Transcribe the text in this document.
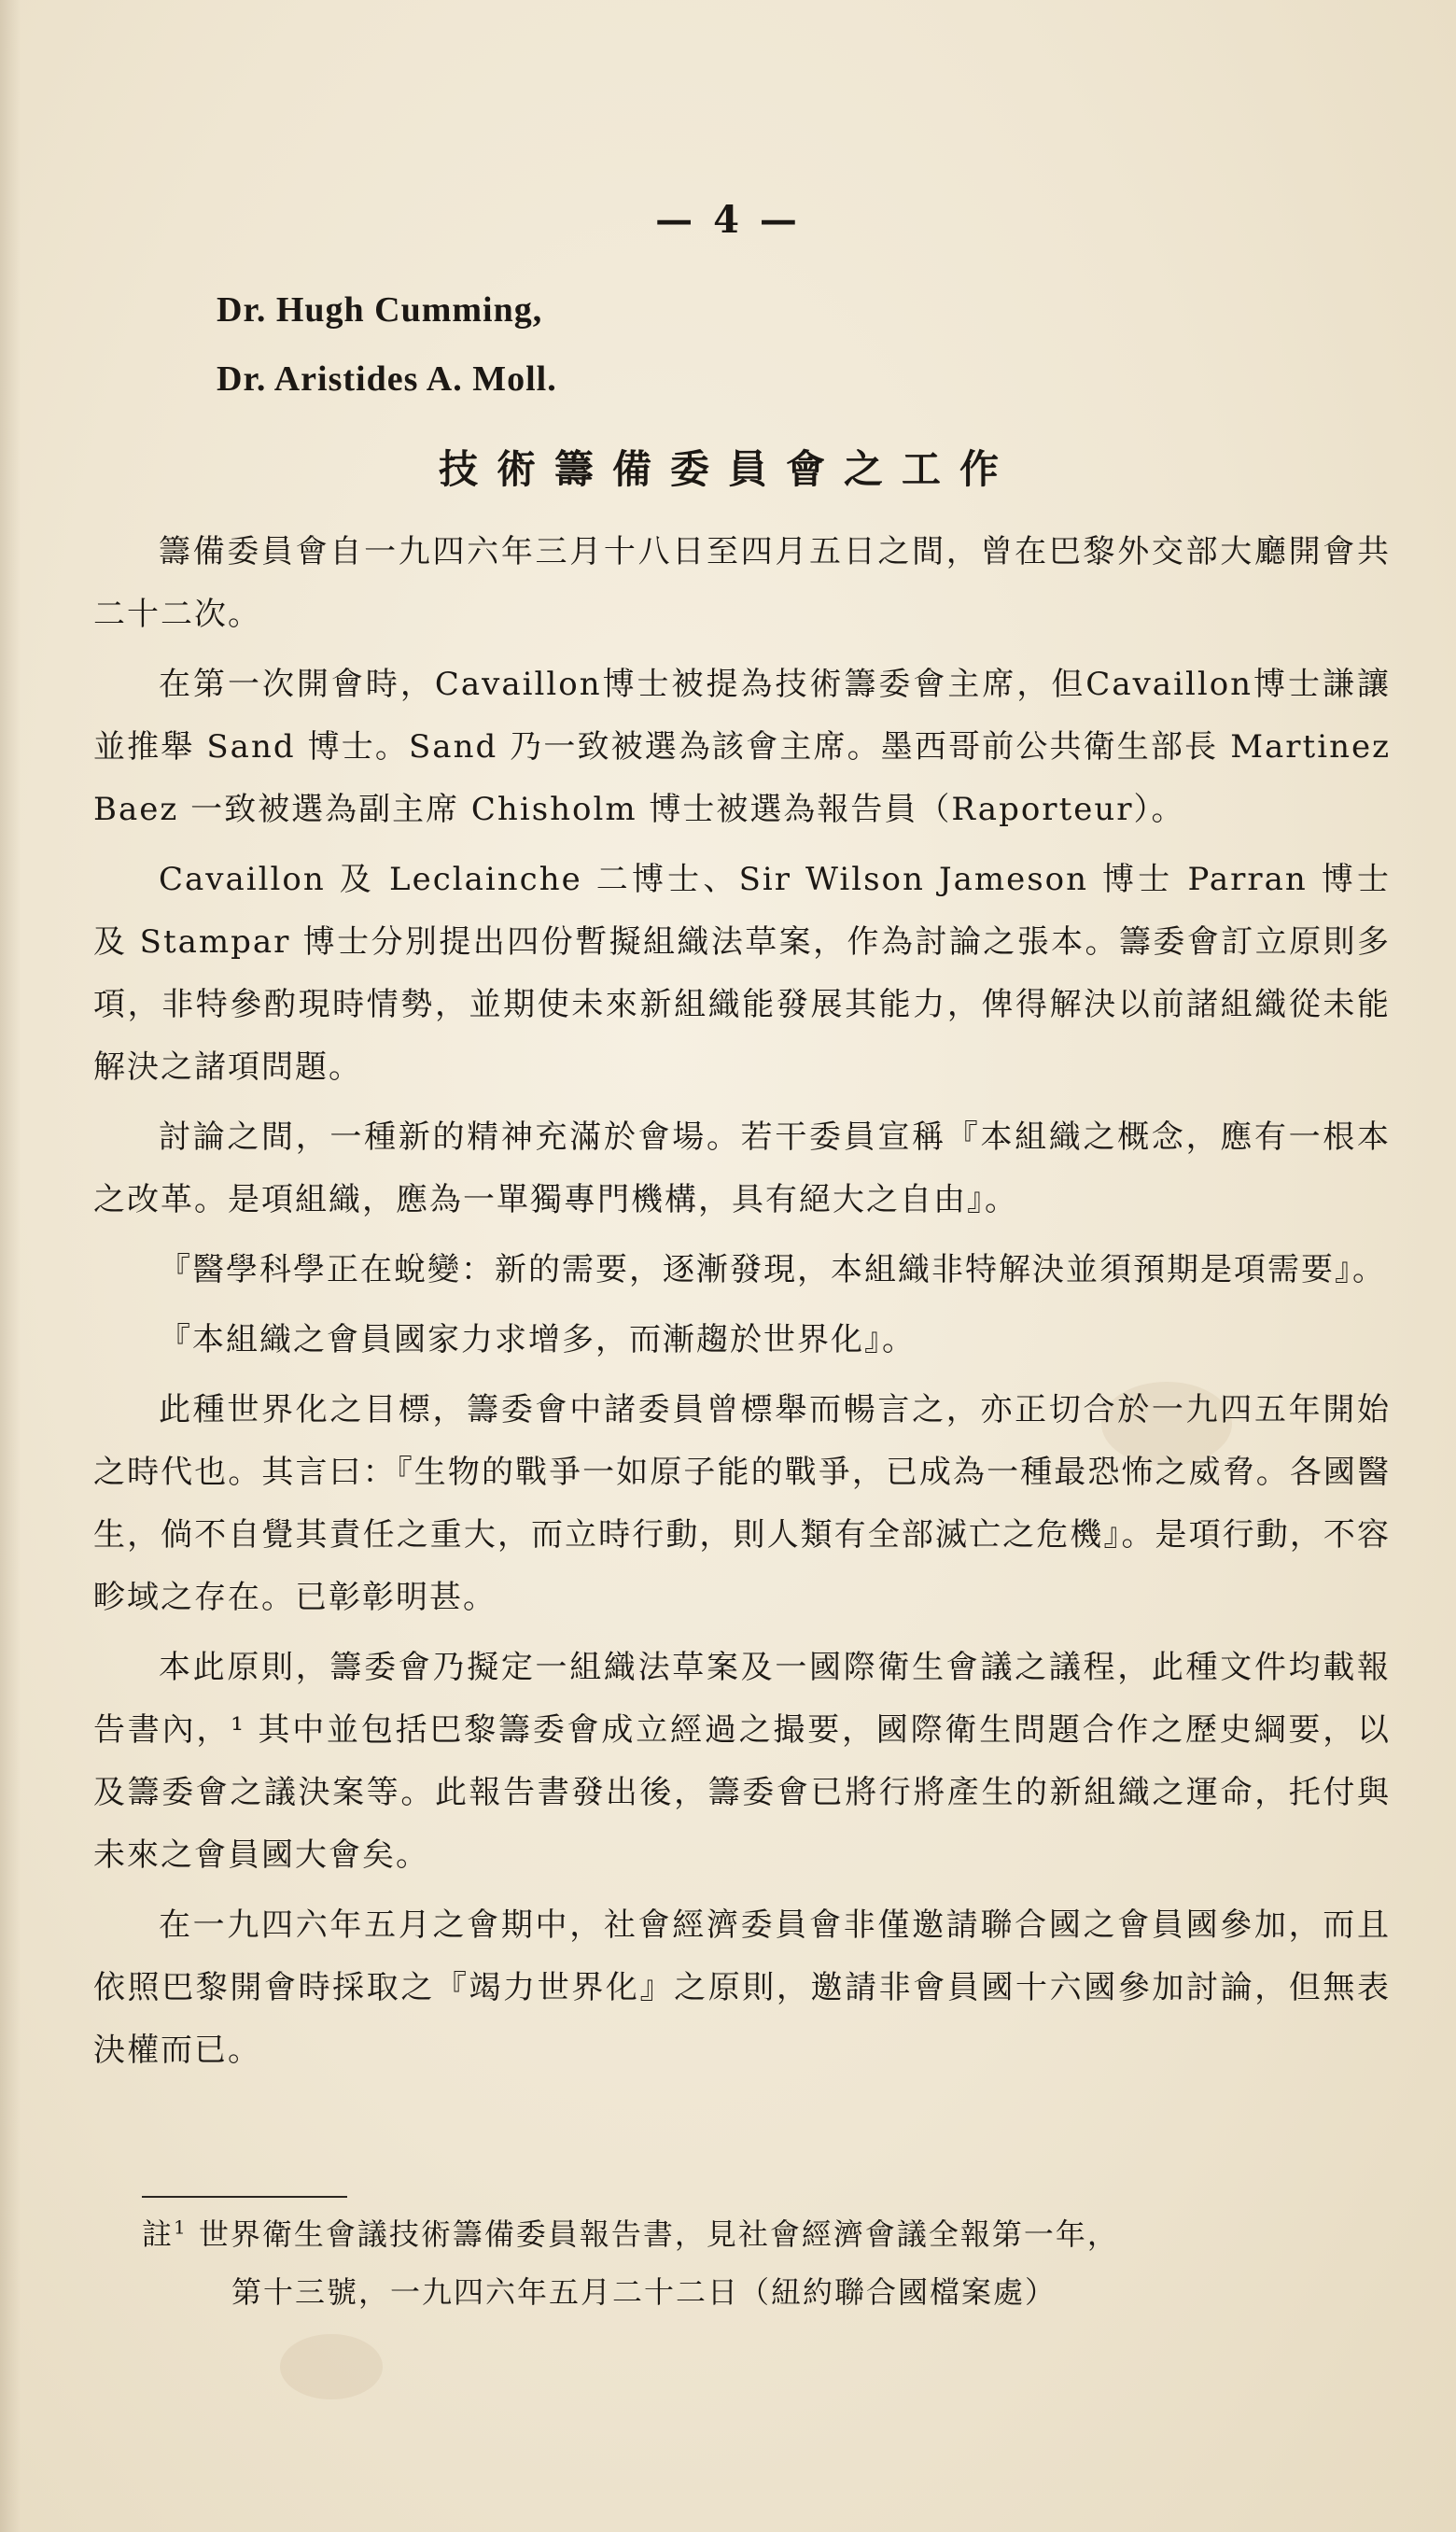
— 4 —
Dr. Hugh Cumming,
Dr. Aristides A. Moll.
技術籌備委員會之工作

籌備委員會自一九四六年三月十八日至四月五日之間，曾在巴黎外交部大廳開會共二十二次。

在第一次開會時，Cavaillon博士被提為技術籌委會主席，但Cavaillon博士謙讓並推舉 Sand 博士。Sand 乃一致被選為該會主席。墨西哥前公共衛生部長 Martinez Baez 一致被選為副主席 Chisholm 博士被選為報告員（Raporteur）。

Cavaillon 及 Leclainche 二博士、Sir Wilson Jameson 博士 Parran 博士及 Stampar 博士分別提出四份暫擬組織法草案，作為討論之張本。籌委會訂立原則多項，非特參酌現時情勢，並期使未來新組織能發展其能力，俾得解決以前諸組織從未能解決之諸項問題。

討論之間，一種新的精神充滿於會場。若干委員宣稱『本組織之概念，應有一根本之改革。是項組織，應為一單獨專門機構，具有絕大之自由』。

『醫學科學正在蛻變：新的需要，逐漸發現，本組織非特解決並須預期是項需要』。

『本組織之會員國家力求增多，而漸趨於世界化』。

此種世界化之目標，籌委會中諸委員曾標舉而暢言之，亦正切合於一九四五年開始之時代也。其言曰：『生物的戰爭一如原子能的戰爭，已成為一種最恐怖之威脅。各國醫生，倘不自覺其責任之重大，而立時行動，則人類有全部滅亡之危機』。是項行動，不容畛域之存在。已彰彰明甚。

本此原則，籌委會乃擬定一組織法草案及一國際衛生會議之議程，此種文件均載報告書內，¹ 其中並包括巴黎籌委會成立經過之撮要，國際衛生問題合作之歷史綱要，以及籌委會之議決案等。此報告書發出後，籌委會已將行將產生的新組織之運命，托付與未來之會員國大會矣。

在一九四六年五月之會期中，社會經濟委員會非僅邀請聯合國之會員國參加，而且依照巴黎開會時採取之『竭力世界化』之原則，邀請非會員國十六國參加討論，但無表決權而已。

註$^1$ 世界衛生會議技術籌備委員報告書，見社會經濟會議全報第一年，
第十三號，一九四六年五月二十二日（紐約聯合國檔案處）
